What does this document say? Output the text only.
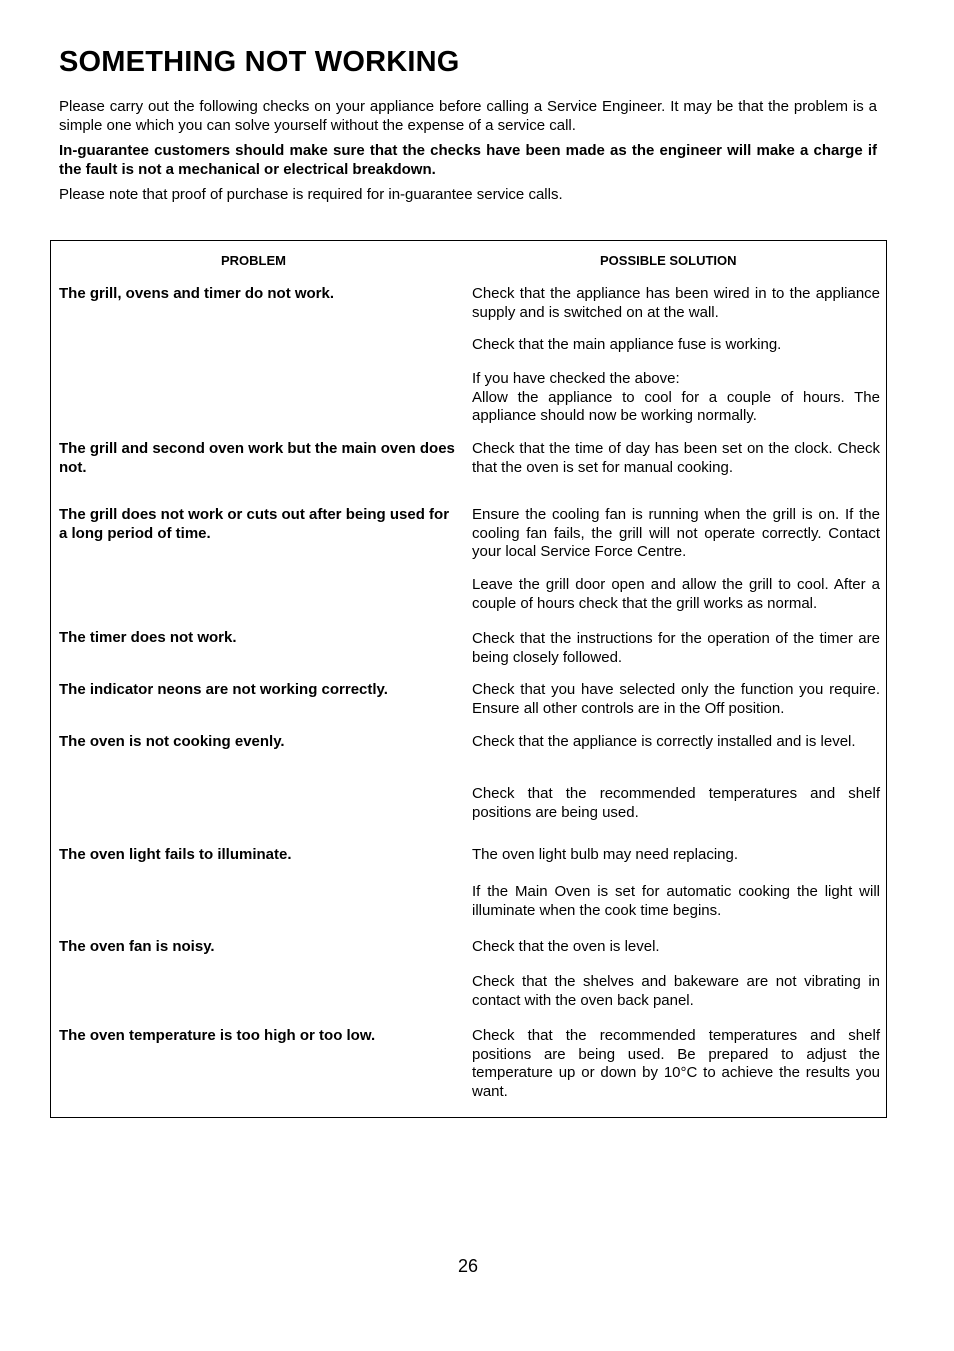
SOMETHING NOT WORKING

Please carry out the following checks on your appliance before calling a Service Engineer. It may be that the problem is a simple one which you can solve yourself without the expense of a service call.

In-guarantee customers should make sure that the checks have been made as the engineer will make a charge if the fault is not a mechanical or electrical breakdown.

Please note that proof of purchase is required for in-guarantee service calls.

PROBLEM	POSSIBLE SOLUTION
The grill, ovens and timer do not work.
The grill and second oven work but the main oven does not.
The grill does not work or cuts out after being used for a long period of time.
The timer does not work.
The indicator neons are not working correctly.
The oven is not cooking evenly.
The oven light fails to illuminate.
The oven fan is noisy.
The oven temperature is too high or too low.
Check that the appliance has been wired in to the appliance supply and is switched on at the wall.
Check that the main appliance fuse is working.
If you have checked the above:
Allow the appliance to cool for a couple of hours. The appliance should now be working normally.
Check that the time of day has been set on the clock. Check that the oven is set for manual cooking.
Ensure the cooling fan is running when the grill is on. If the cooling fan fails, the grill will not operate correctly. Contact your local Service Force Centre.
Leave the grill door open and allow the grill to cool. After a couple of hours check that the grill works as normal.
Check that the instructions for the operation of the timer are being closely followed.
Check that you have selected only the function you require. Ensure all other controls are in the Off position.
Check that the appliance is correctly installed and is level.
Check that the recommended temperatures and shelf positions are being used.
The oven light bulb may need replacing.
If the Main Oven is set for automatic cooking the light will illuminate when the cook time begins.
Check that the oven is level.
Check that the shelves and bakeware are not vibrating in contact with the oven back panel.
Check that the recommended temperatures and shelf positions are being used. Be prepared to adjust the temperature up or down by 10°C to achieve the results you want.
26
